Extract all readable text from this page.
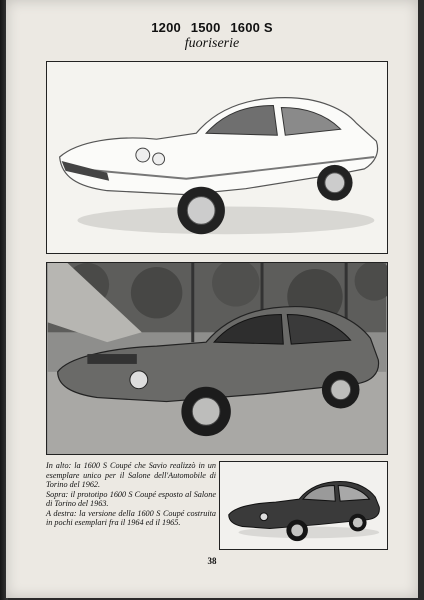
1200 1500 1600 S
fuoriserie

In alto: la 1600 S Coupé che Savio realizzò in un esemplare unico per il Salone dell'Automobile di Torino del 1962.

Sopra: il prototipo 1600 S Coupé esposto al Salone di Torino del 1963.

A destra: la versione della 1600 S Coupé costruita in pochi esemplari fra il 1964 ed il 1965.

38
